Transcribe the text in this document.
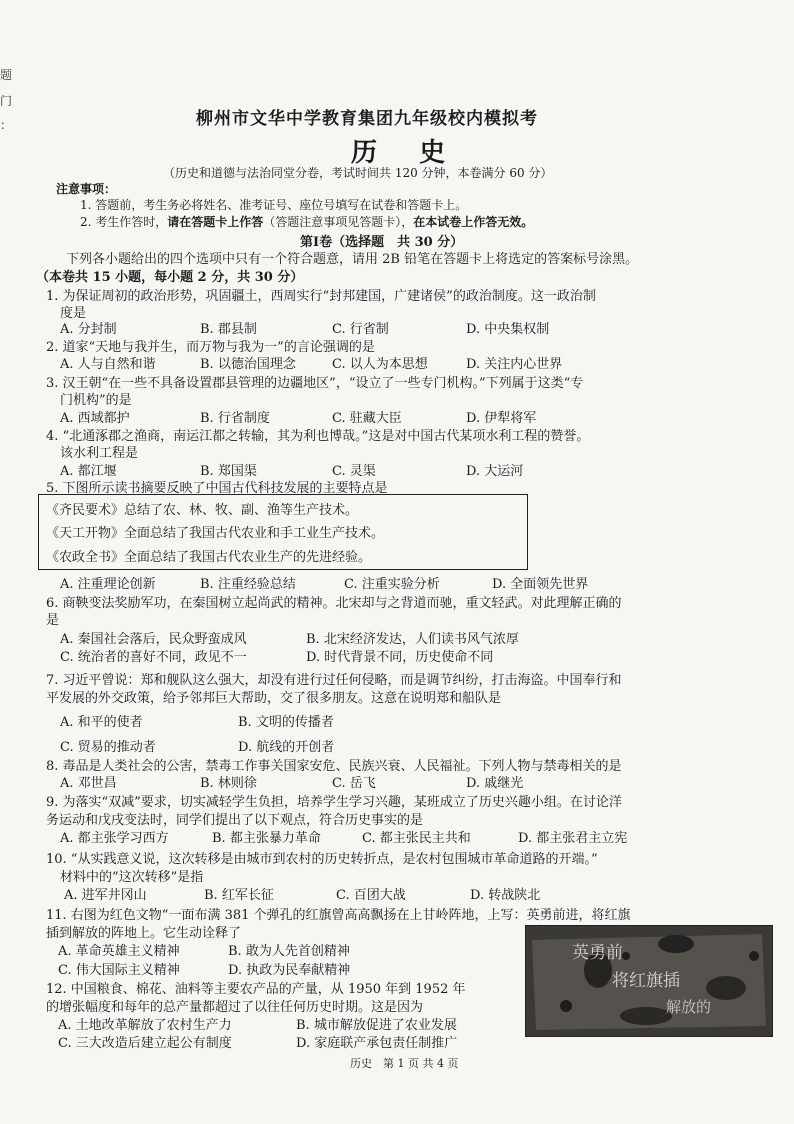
题
门
：	柳州市文华中学教育集团九年级校内模拟考
历  史
（历史和道德与法治同堂分卷，考试时间共 120 分钟，本卷满分 60 分）
注意事项：
1. 答题前，考生务必将姓名、准考证号、座位号填写在试卷和答题卡上。
2. 考生作答时，请在答题卡上作答（答题注意事项见答题卡），在本试卷上作答无效。
第Ⅰ卷（选择题　共 30 分）
下列各小题给出的四个选项中只有一个符合题意，请用 2B 铅笔在答题卡上将选定的答案标号涂黑。
（本卷共 15 小题，每小题 2 分，共 30 分）
1. 为保证周初的政治形势，巩固疆土，西周实行“封邦建国，广建诸侯”的政治制度。这一政治制
度是
A. 分封制	B. 郡县制	C. 行省制	D. 中央集权制
2. 道家“天地与我并生，而万物与我为一”的言论强调的是
A. 人与自然和谐	B. 以德治国理念	C. 以人为本思想	D. 关注内心世界
3. 汉王朝“在一些不具备设置郡县管理的边疆地区”，“设立了一些专门机构。”下列属于这类“专
门机构”的是
A. 西域都护	B. 行省制度	C. 驻藏大臣	D. 伊犁将军
4. “北通涿郡之渔商，南运江都之转输，其为利也博哉。”这是对中国古代某项水利工程的赞誉。
该水利工程是
A. 都江堰	B. 郑国渠	C. 灵渠	D. 大运河
5. 下图所示读书摘要反映了中国古代科技发展的主要特点是
《齐民要术》总结了农、林、牧、副、渔等生产技术。
《天工开物》全面总结了我国古代农业和手工业生产技术。
《农政全书》全面总结了我国古代农业生产的先进经验。
A. 注重理论创新	B. 注重经验总结	C. 注重实验分析	D. 全面领先世界
6. 商鞅变法奖励军功，在秦国树立起尚武的精神。北宋却与之背道而驰，重文轻武。对此理解正确的
是
A. 秦国社会落后，民众野蛮成风	B. 北宋经济发达，人们读书风气浓厚
C. 统治者的喜好不同，政见不一	D. 时代背景不同，历史使命不同
7. 习近平曾说：郑和舰队这么强大，却没有进行过任何侵略，而是调节纠纷，打击海盗。中国奉行和
平发展的外交政策，给予邻邦巨大帮助，交了很多朋友。这意在说明郑和船队是
A. 和平的使者	B. 文明的传播者
C. 贸易的推动者	D. 航线的开创者
8. 毒品是人类社会的公害，禁毒工作事关国家安危、民族兴衰、人民福祉。下列人物与禁毒相关的是
A. 邓世昌	B. 林则徐	C. 岳飞	D. 戚继光
9. 为落实“双减”要求，切实减轻学生负担，培养学生学习兴趣，某班成立了历史兴趣小组。在讨论洋
务运动和戊戌变法时，同学们提出了以下观点，符合历史事实的是
A. 都主张学习西方	B. 都主张暴力革命	C. 都主张民主共和	D. 都主张君主立宪
10. “从实践意义说，这次转移是由城市到农村的历史转折点，是农村包围城市革命道路的开端。”
材料中的“这次转移”是指
A. 进军井冈山	B. 红军长征	C. 百团大战	D. 转战陕北
11. 右图为红色文物“一面布满 381 个弹孔的红旗曾高高飘扬在上甘岭阵地，上写：英勇前进，将红旗
插到解放的阵地上。它生动诠释了
A. 革命英雄主义精神	B. 敢为人先首创精神
C. 伟大国际主义精神	D. 执政为民奉献精神
英勇前
将红旗插
解放的
12. 中国粮食、棉花、油料等主要农产品的产量，从 1950 年到 1952 年
的增张幅度和每年的总产量都超过了以往任何历史时期。这是因为
A. 土地改革解放了农村生产力	B. 城市解放促进了农业发展
C. 三大改造后建立起公有制度	D. 家庭联产承包责任制推广
历史　第 1 页 共 4 页
